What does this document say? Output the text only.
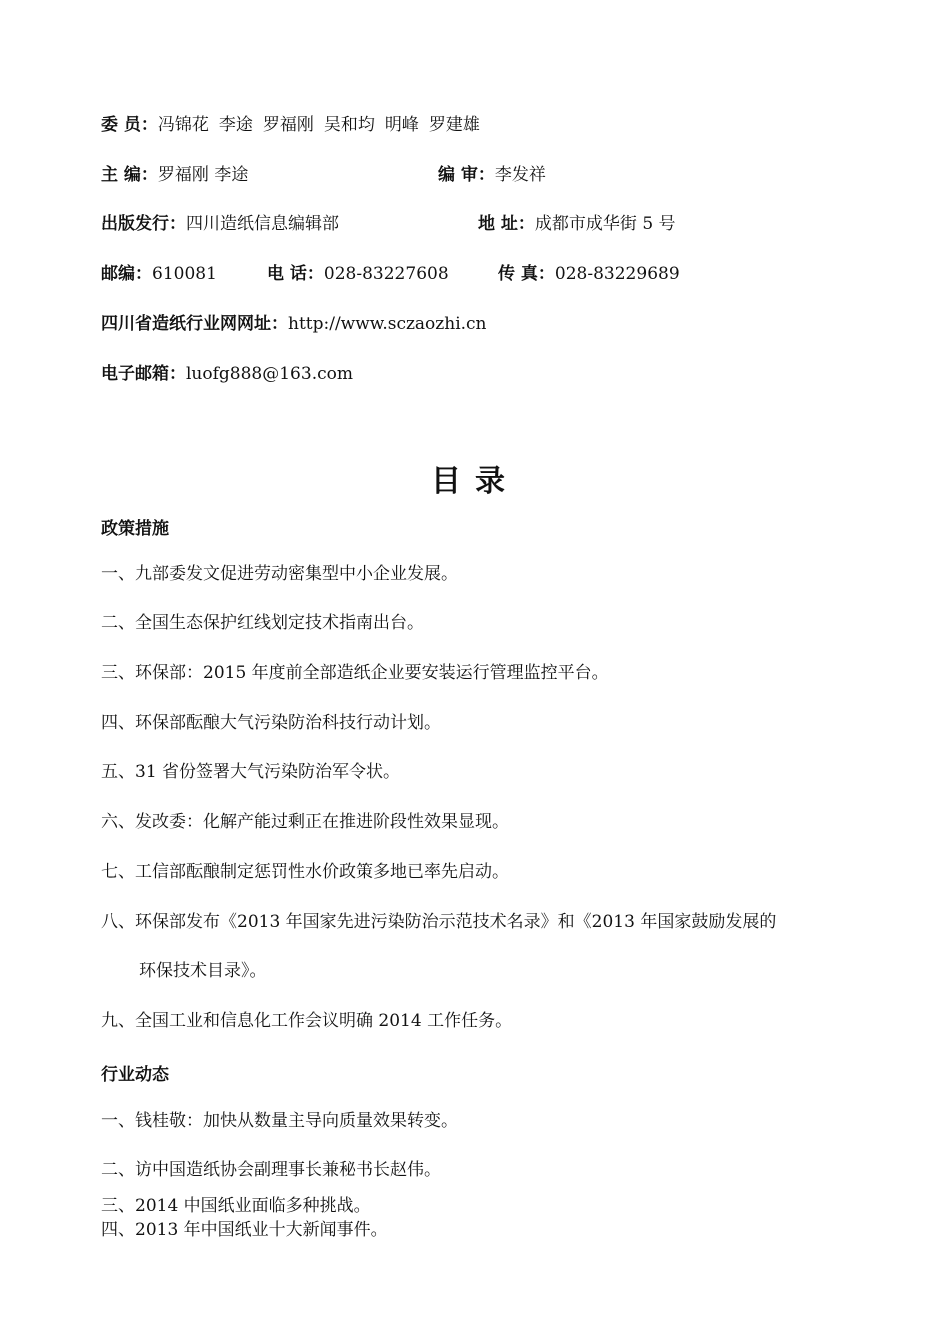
委 员：冯锦花 李途 罗福刚 吴和均 明峰 罗建雄
主 编：罗福刚 李途	编 审：李发祥
出版发行：四川造纸信息编辑部	地 址：成都市成华街 5 号
邮编：610081	电 话：028-83227608	传 真：028-83229689
四川省造纸行业网网址：http://www.sczaozhi.cn
电子邮箱：luofg888@163.com
目录
政策措施
一、九部委发文促进劳动密集型中小企业发展。
二、全国生态保护红线划定技术指南出台。
三、环保部：2015 年度前全部造纸企业要安装运行管理监控平台。
四、环保部酝酿大气污染防治科技行动计划。
五、31 省份签署大气污染防治军令状。
六、发改委：化解产能过剩正在推进阶段性效果显现。
七、工信部酝酿制定惩罚性水价政策多地已率先启动。
八、环保部发布《2013 年国家先进污染防治示范技术名录》和《2013 年国家鼓励发展的
环保技术目录》。
九、全国工业和信息化工作会议明确 2014 工作任务。
行业动态
一、钱桂敬：加快从数量主导向质量效果转变。
二、访中国造纸协会副理事长兼秘书长赵伟。
三、2014 中国纸业面临多种挑战。
四、2013 年中国纸业十大新闻事件。
